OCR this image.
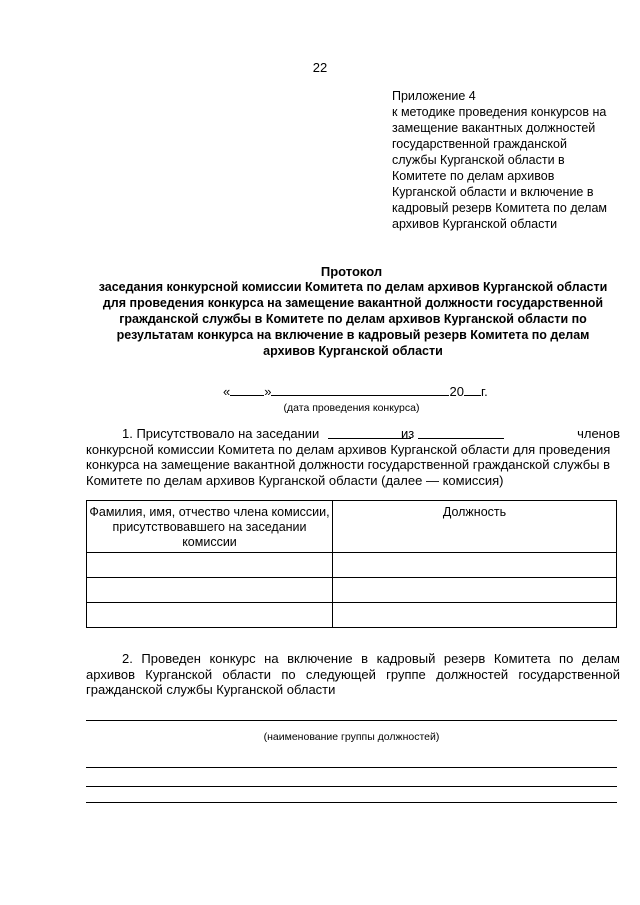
22
Приложение 4
к методике проведения конкурсов на
замещение вакантных должностей
государственной гражданской
службы Курганской области в
Комитете по делам архивов
Курганской области и включение в
кадровый резерв Комитета по делам
архивов Курганской области
Протокол
заседания конкурсной комиссии Комитета по делам архивов Курганской области
для проведения конкурса на замещение вакантной должности государственной
гражданской службы в Комитете по делам архивов Курганской области по
результатам конкурса на включение в кадровый резерв Комитета по делам
архивов Курганской области
«	»	20 г.
(дата проведения конкурса)
1. Присутствовало на заседании	из	членов
конкурсной комиссии Комитета по делам архивов Курганской области для проведения
конкурса на замещение вакантной должности государственной гражданской службы в
Комитете по делам архивов Курганской области (далее — комиссия)
Фамилия, имя, отчество члена комиссии, присутствовавшего на заседании комиссии	Должность

2. Проведен конкурс на включение в кадровый резерв Комитета по делам
архивов Курганской области по следующей группе должностей государственной
гражданской службы Курганской области
(наименование группы должностей)
